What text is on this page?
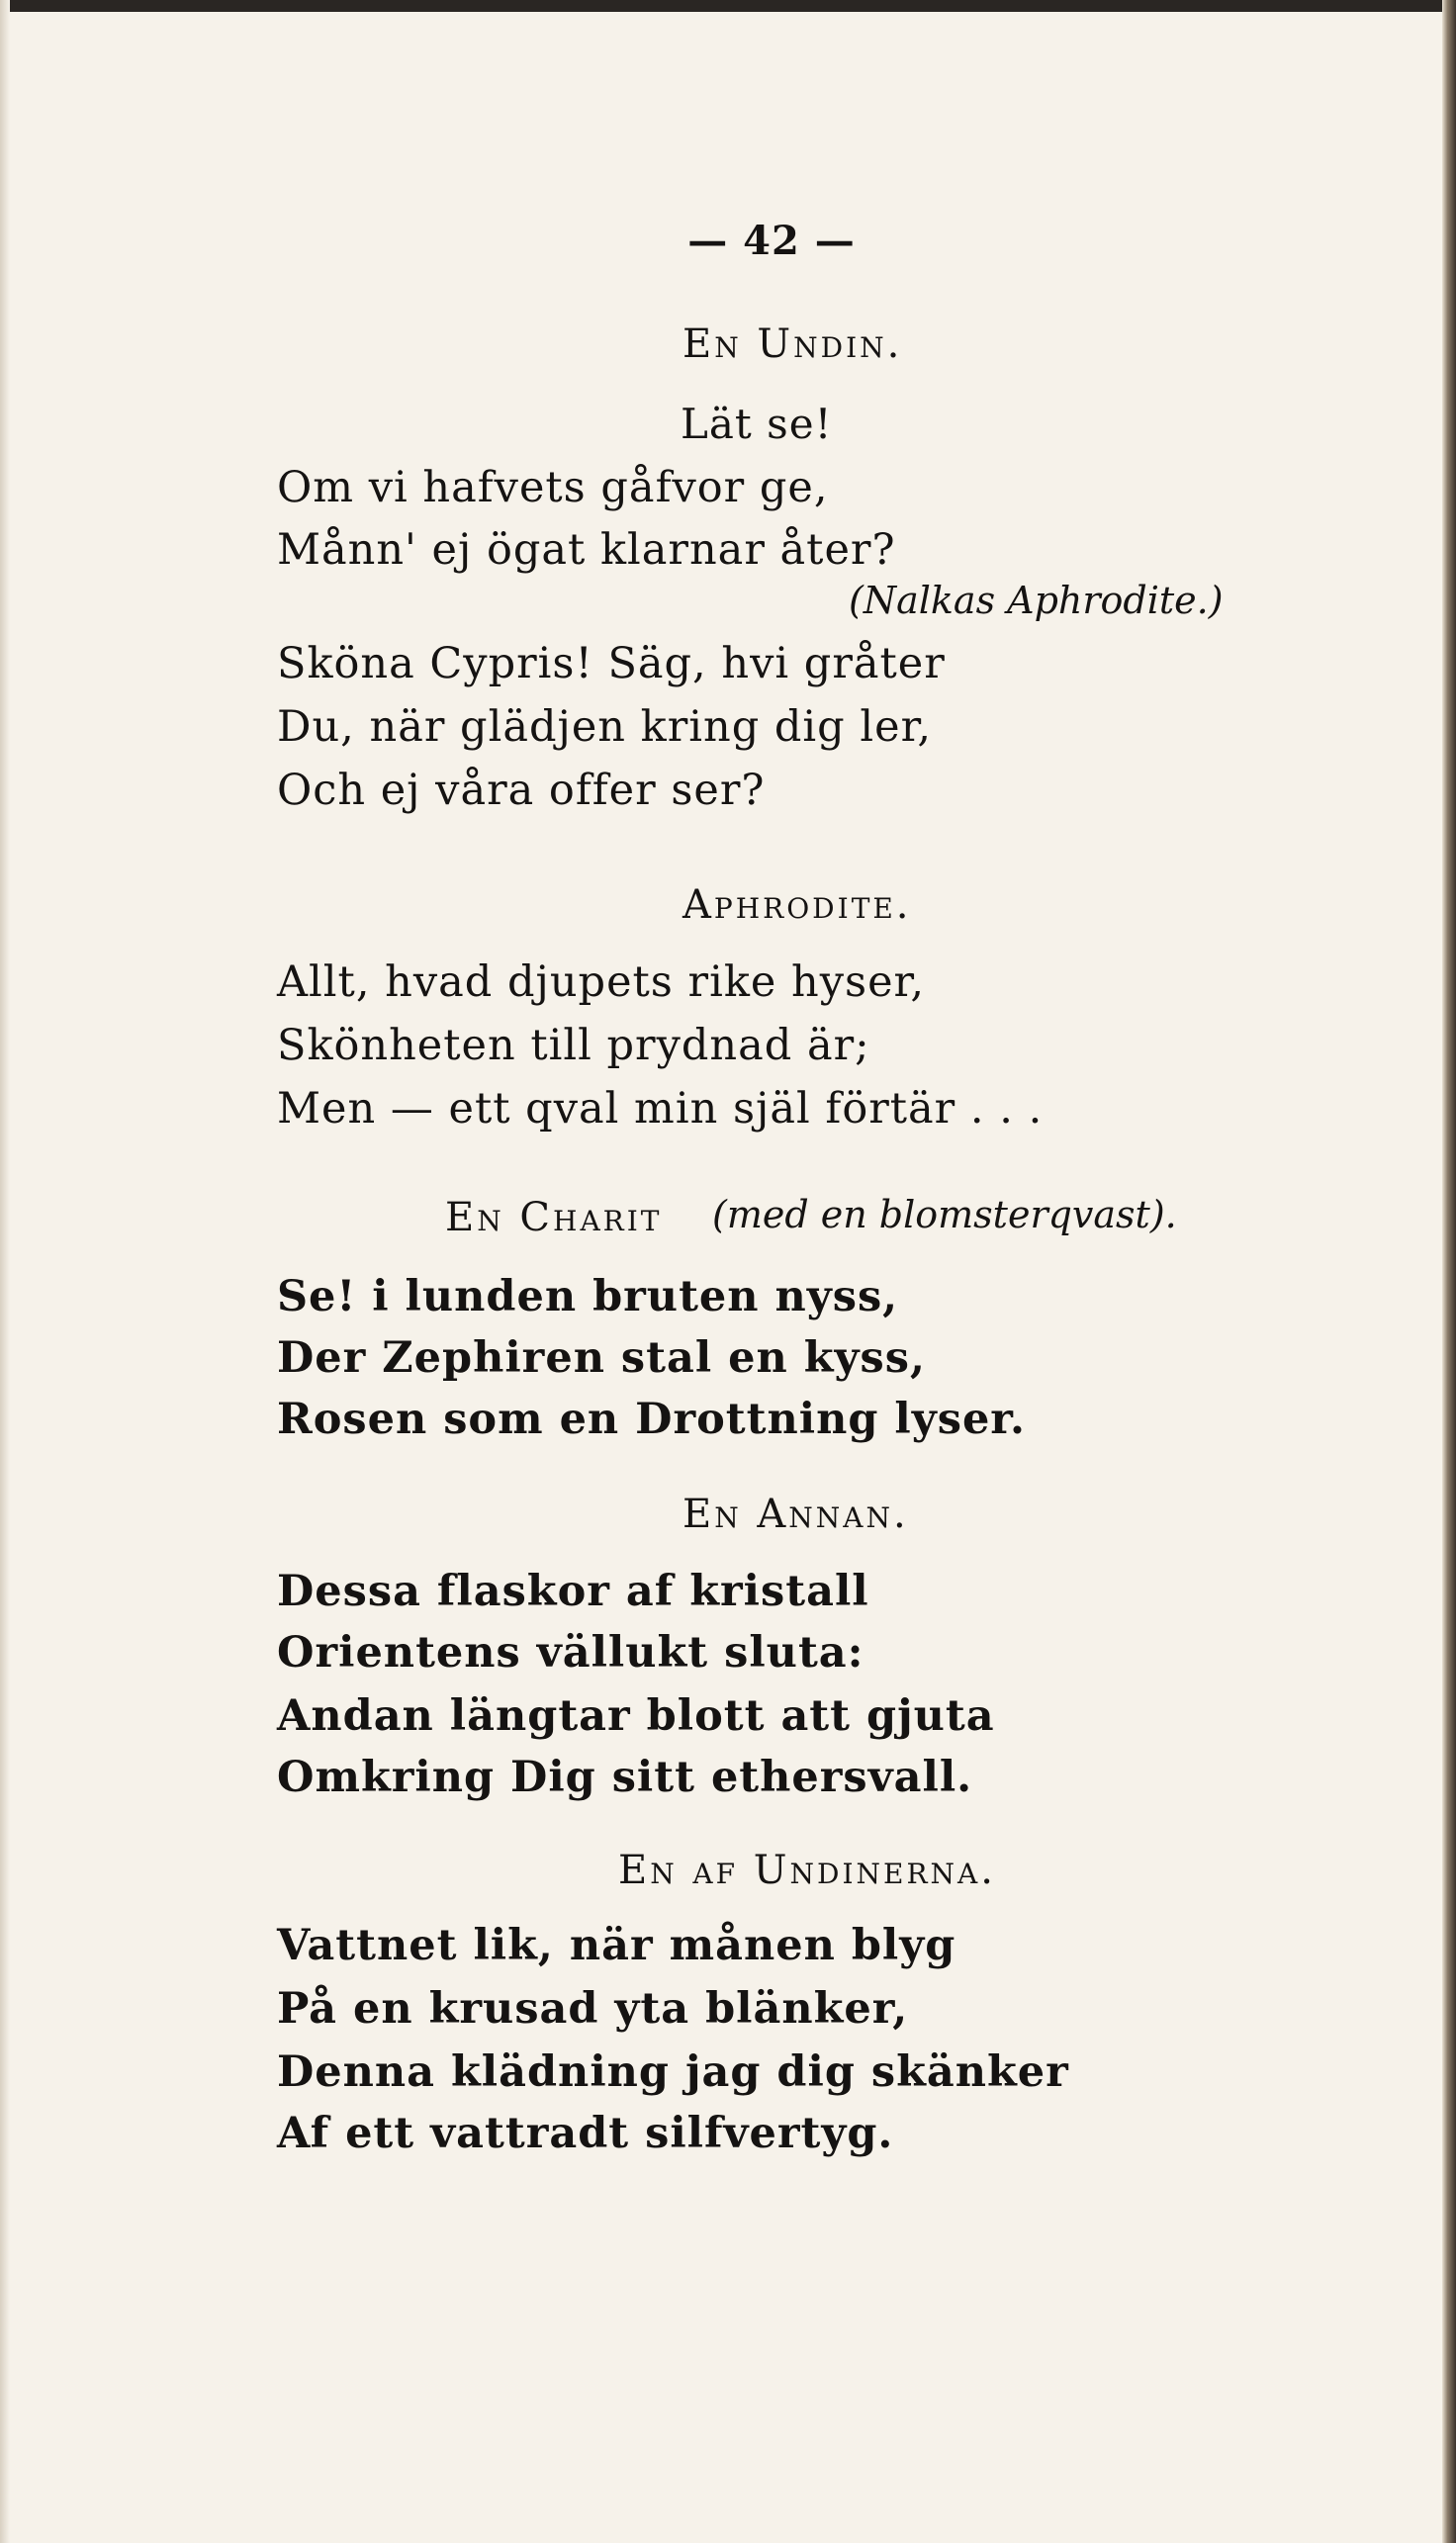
— 42 —
En Undin.
Lät se!
Om vi hafvets gåfvor ge,
Månn' ej ögat klarnar åter?
(Nalkas Aphrodite.)
Sköna Cypris! Säg, hvi gråter
Du, när glädjen kring dig ler,
Och ej våra offer ser?
Aphrodite.
Allt, hvad djupets rike hyser,
Skönheten till prydnad är;
Men — ett qval min själ förtär . . .
En Charit (med en blomsterqvast).
Se! i lunden bruten nyss,
Der Zephiren stal en kyss,
Rosen som en Drottning lyser.
En Annan.
Dessa flaskor af kristall
Orientens vällukt sluta:
Andan längtar blott att gjuta
Omkring Dig sitt ethersvall.
En af Undinerna.
Vattnet lik, när månen blyg
På en krusad yta blänker,
Denna klädning jag dig skänker
Af ett vattradt silfvertyg.
